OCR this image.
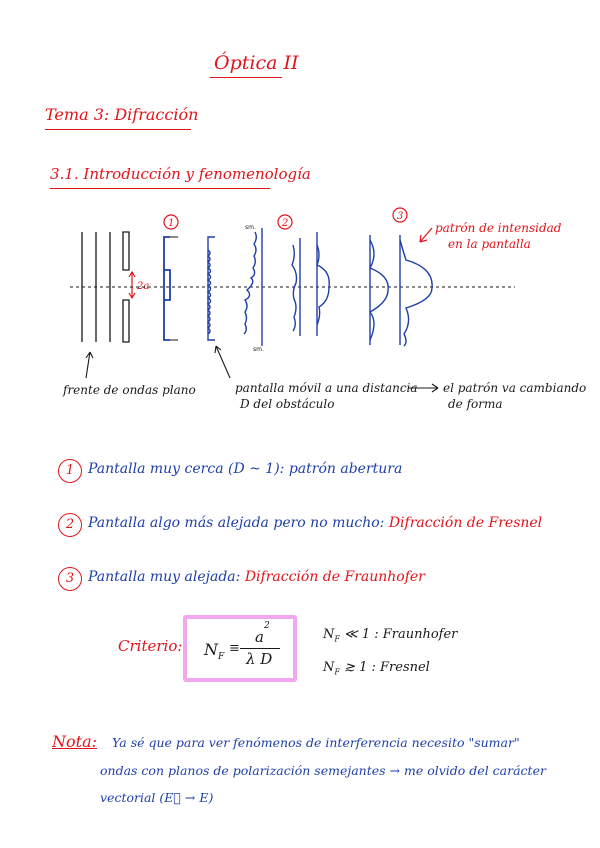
Óptica II
Tema 3: Difracción
3.1. Introducción y fenomenología
2a
1	2
3
sm.
sm.
patrón de intensidad
en la pantalla
frente de ondas plano	pantalla móvil a una distancia
D del obstáculo
el patrón va cambiando
de forma
1 Pantalla muy cerca (D ~ 1): patrón abertura
2 Pantalla algo más alejada pero no mucho: Difracción de Fresnel
3 Pantalla muy alejada: Difracción de Fraunhofer
Criterio: $N_F$
≡
$a^2$
λ D
$N_F$ ≪ 1 : Fraunhofer
$N_F$ ≳ 1 : Fresnel
Nota: Ya sé que para ver fenómenos de interferencia necesito "sumar"
ondas con planos de polarización semejantes → me olvido del carácter
vectorial (E⃗ → E)
